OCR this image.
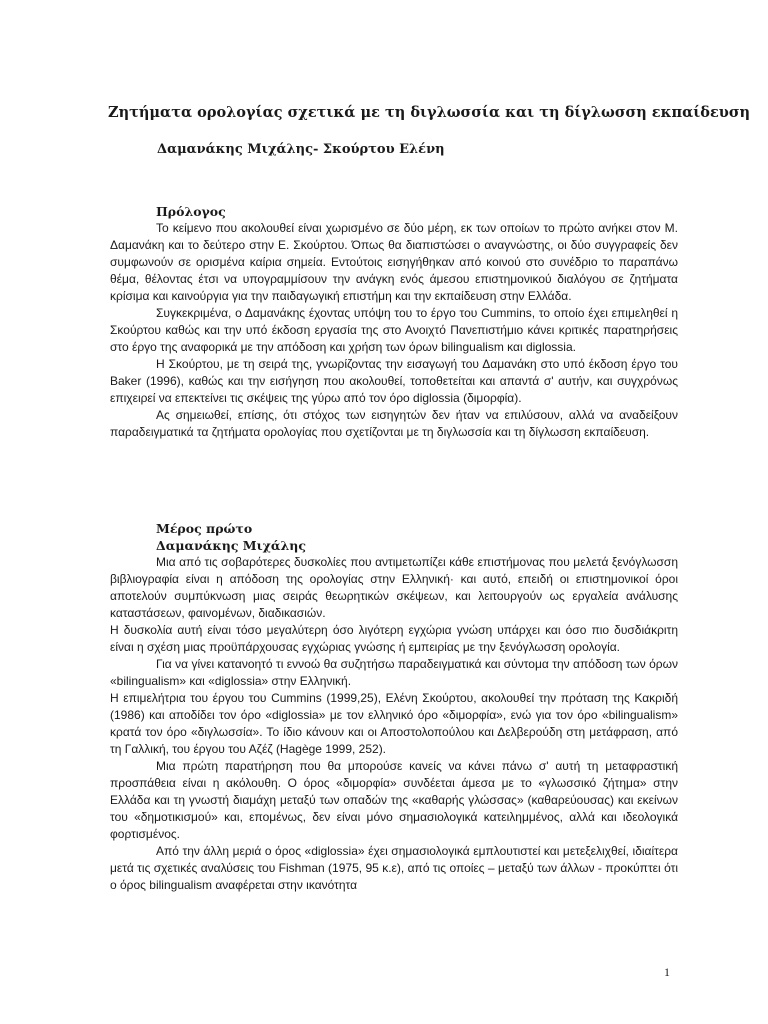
Ζητήματα ορολογίας σχετικά με τη διγλωσσία και τη δίγλωσση εκπαίδευση
Δαμανάκης Μιχάλης- Σκούρτου Ελένη
Πρόλογος

Το κείμενο που ακολουθεί είναι χωρισμένο σε δύο μέρη, εκ των οποίων το πρώτο ανήκει στον Μ. Δαμανάκη και το δεύτερο στην Ε. Σκούρτου. Όπως θα διαπιστώσει ο αναγνώστης, οι δύο συγγραφείς δεν συμφωνούν σε ορισμένα καίρια σημεία. Εντούτοις εισηγήθηκαν από κοινού στο συνέδριο το παραπάνω θέμα, θέλοντας έτσι να υπογραμμίσουν την ανάγκη ενός άμεσου επιστημονικού διαλόγου σε ζητήματα κρίσιμα και καινούργια για την παιδαγωγική επιστήμη και την εκπαίδευση στην Ελλάδα.

Συγκεκριμένα, ο Δαμανάκης έχοντας υπόψη του το έργο του Cummins, το οποίο έχει επιμεληθεί η Σκούρτου καθώς και την υπό έκδοση εργασία της στο Ανοιχτό Πανεπιστήμιο κάνει κριτικές παρατηρήσεις στο έργο της αναφορικά με την απόδοση και χρήση των όρων bilingualism και diglossia.

Η Σκούρτου, με τη σειρά της, γνωρίζοντας την εισαγωγή του Δαμανάκη στο υπό έκδοση έργο του Baker (1996), καθώς και την εισήγηση που ακολουθεί, τοποθετείται και απαντά σ' αυτήν, και συγχρόνως επιχειρεί να επεκτείνει τις σκέψεις της γύρω από τον όρο diglossia (διμορφία).

Ας σημειωθεί, επίσης, ότι στόχος των εισηγητών δεν ήταν να επιλύσουν, αλλά να αναδείξουν παραδειγματικά τα ζητήματα ορολογίας που σχετίζονται με τη διγλωσσία και τη δίγλωσση εκπαίδευση.

Μέρος πρώτο
Δαμανάκης Μιχάλης

Μια από τις σοβαρότερες δυσκολίες που αντιμετωπίζει κάθε επιστήμονας που μελετά ξενόγλωσση βιβλιογραφία είναι η απόδοση της ορολογίας στην Ελληνική· και αυτό, επειδή οι επιστημονικοί όροι αποτελούν συμπύκνωση μιας σειράς θεωρητικών σκέψεων, και λειτουργούν ως εργαλεία ανάλυσης καταστάσεων, φαινομένων, διαδικασιών.

Η δυσκολία αυτή είναι τόσο μεγαλύτερη όσο λιγότερη εγχώρια γνώση υπάρχει και όσο πιο δυσδιάκριτη είναι η σχέση μιας προϋπάρχουσας εγχώριας γνώσης ή εμπειρίας με την ξενόγλωσση ορολογία.

Για να γίνει κατανοητό τι εννοώ θα συζητήσω παραδειγματικά και σύντομα την απόδοση των όρων «bilingualism» και «diglossia» στην Ελληνική.

Η επιμελήτρια του έργου του Cummins (1999,25), Ελένη Σκούρτου, ακολουθεί την πρόταση της Κακριδή (1986) και αποδίδει τον όρο «diglossia» με τον ελληνικό όρο «διμορφία», ενώ για τον όρο «bilingualism» κρατά τον όρο «διγλωσσία». Το ίδιο κάνουν και οι Αποστολοπούλου και Δελβερούδη στη μετάφραση, από τη Γαλλική, του έργου του Αζέζ (Hagège 1999, 252).

Μια πρώτη παρατήρηση που θα μπορούσε κανείς να κάνει πάνω σ' αυτή τη μεταφραστική προσπάθεια είναι η ακόλουθη. Ο όρος «διμορφία» συνδέεται άμεσα με το «γλωσσικό ζήτημα» στην Ελλάδα και τη γνωστή διαμάχη μεταξύ των οπαδών της «καθαρής γλώσσας» (καθαρεύουσας) και εκείνων του «δημοτικισμού» και, επομένως, δεν είναι μόνο σημασιολογικά κατειλημμένος, αλλά και ιδεολογικά φορτισμένος.

Από την άλλη μεριά ο όρος «diglossia» έχει σημασιολογικά εμπλουτιστεί και μετεξελιχθεί, ιδιαίτερα μετά τις σχετικές αναλύσεις του Fishman (1975, 95 κ.ε), από τις οποίες – μεταξύ των άλλων - προκύπτει ότι ο όρος bilingualism αναφέρεται στην ικανότητα

1
